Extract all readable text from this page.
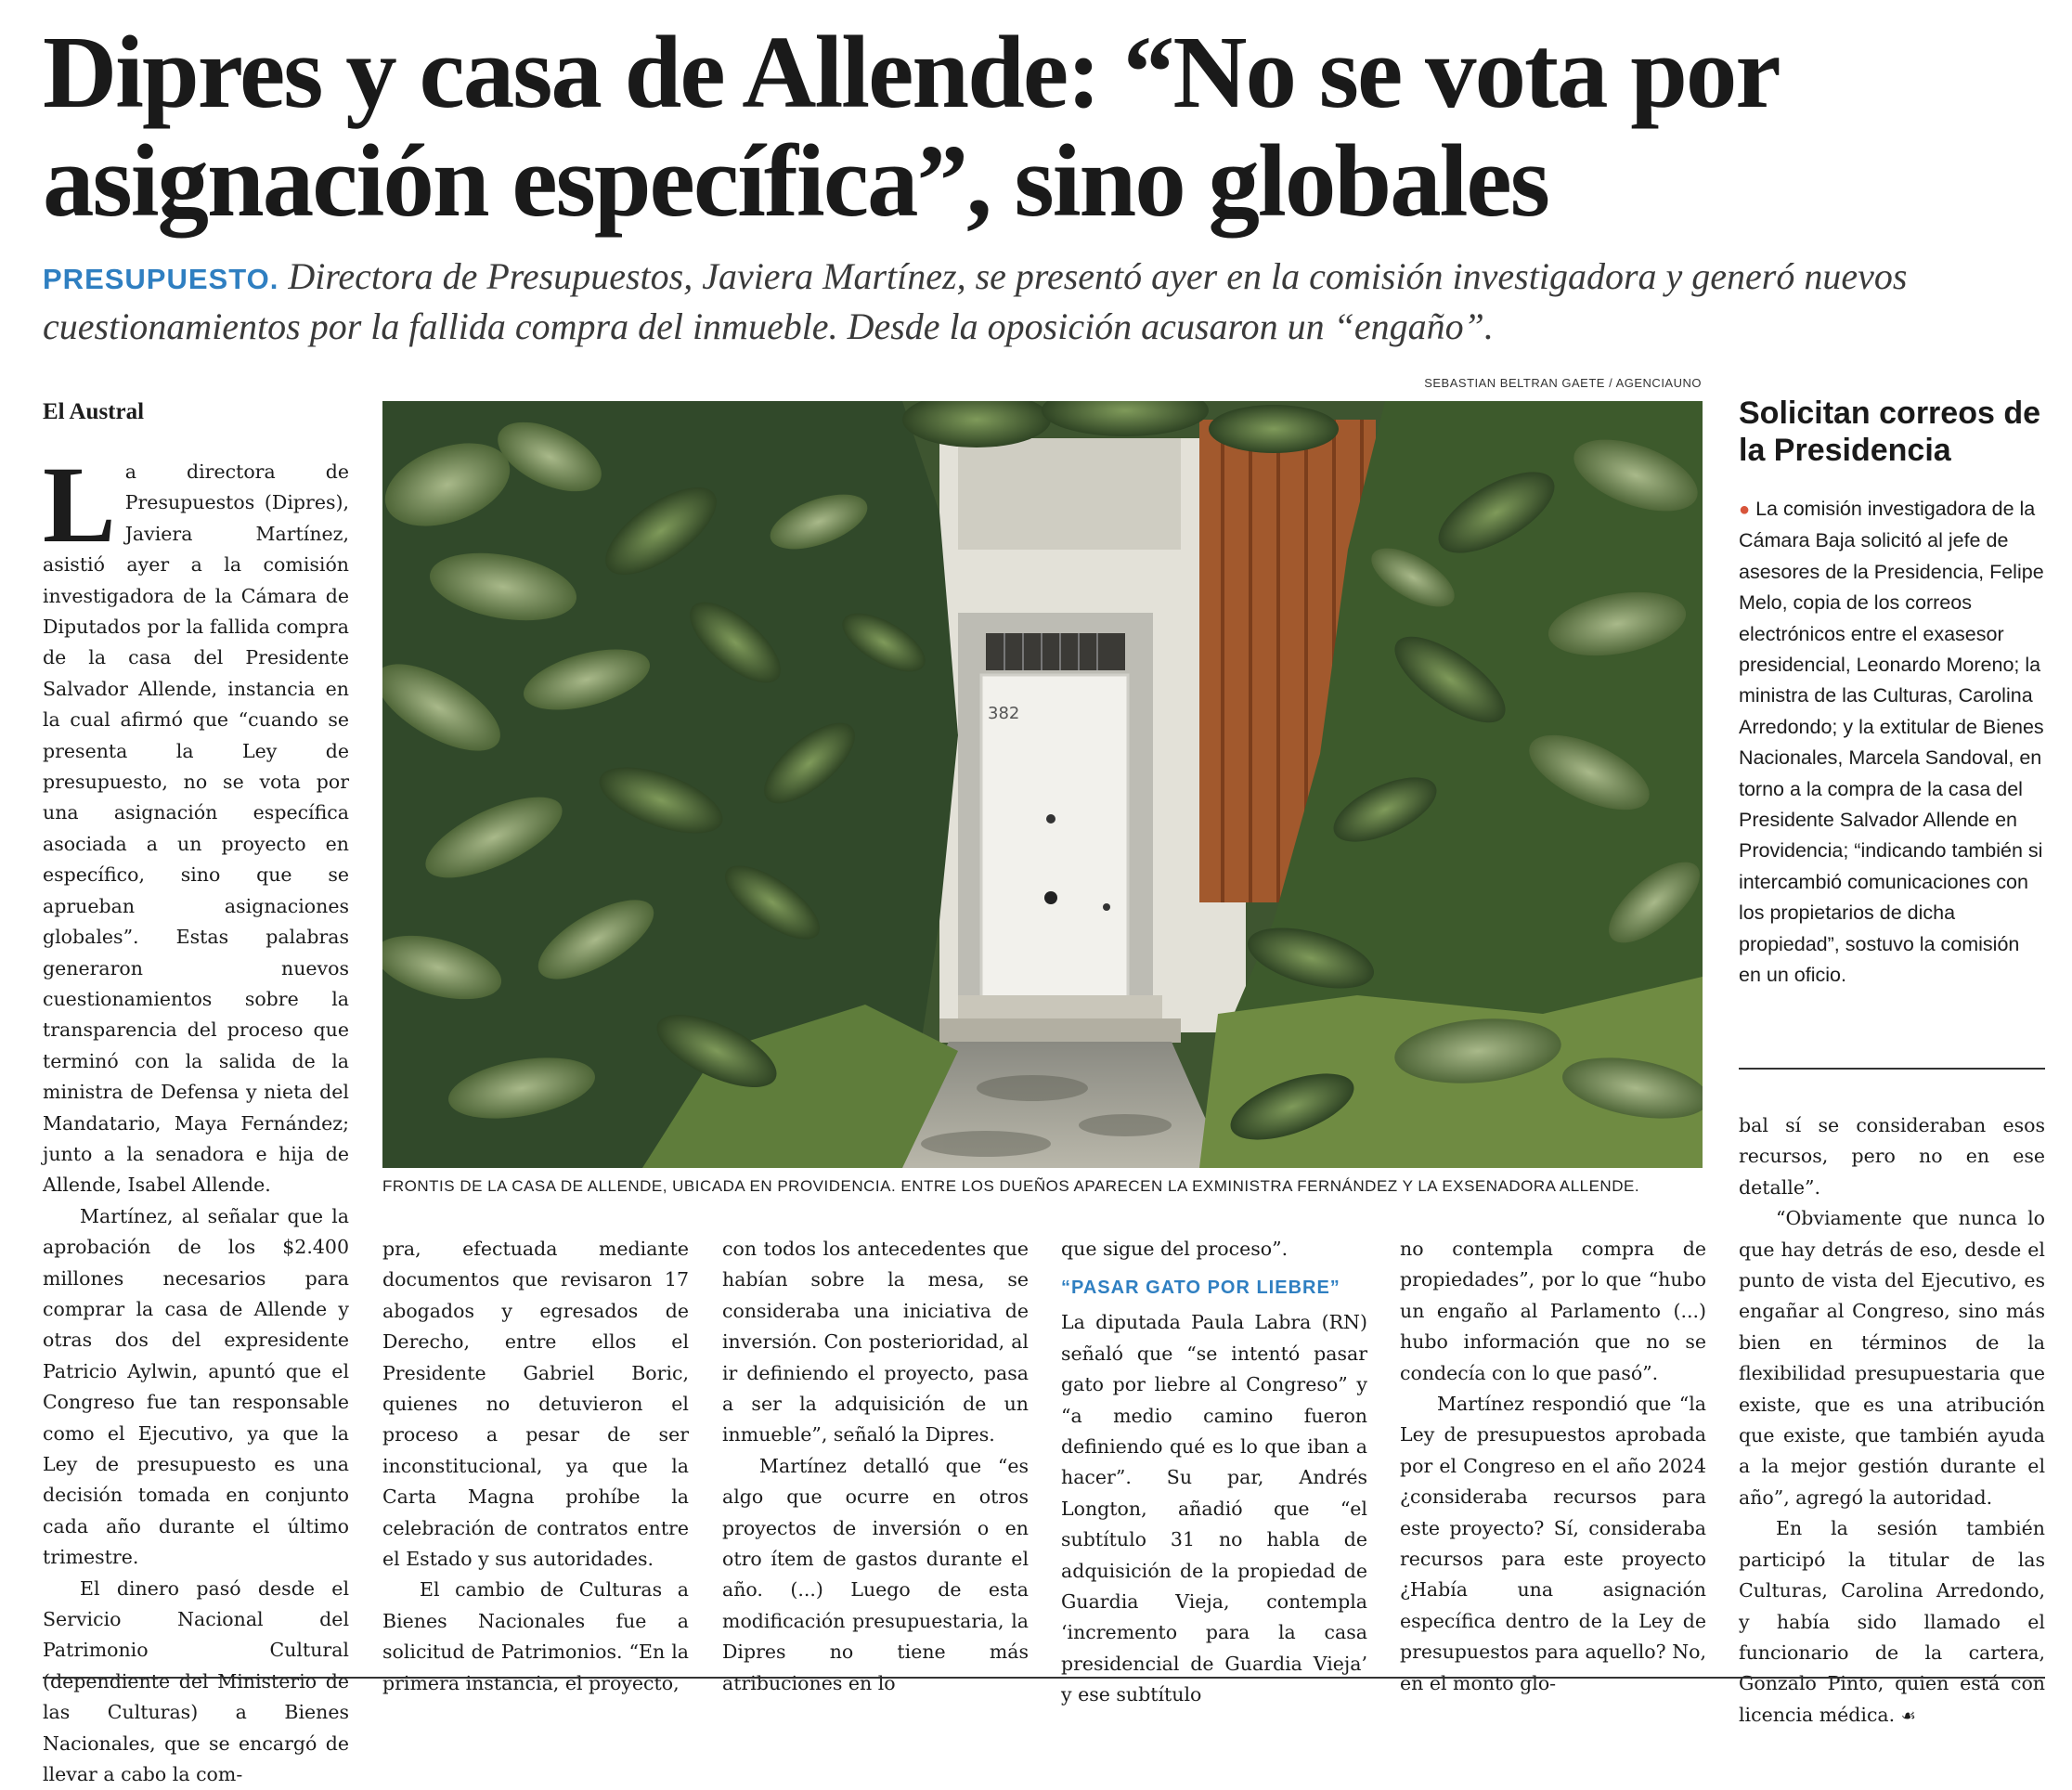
Dipres y casa de Allende: “No se vota por asignación específica”, sino globales

PRESUPUESTO. Directora de Presupuestos, Javiera Martínez, se presentó ayer en la comisión investigadora y generó nuevos cuestionamientos por la fallida compra del inmueble. Desde la oposición acusaron un “engaño”.

El Austral
SEBASTIAN BELTRAN GAETE / AGENCIAUNO
382
FRONTIS DE LA CASA DE ALLENDE, UBICADA EN PROVIDENCIA. ENTRE LOS DUEÑOS APARECEN LA EXMINISTRA FERNÁNDEZ Y LA EXSENADORA ALLENDE.

La directora de Presupuestos (Dipres), Javiera Martínez, asistió ayer a la comisión investigadora de la Cámara de Diputados por la fallida compra de la casa del Presidente Salvador Allende, instancia en la cual afirmó que “cuando se presenta la Ley de presupuesto, no se vota por una asignación específica asociada a un proyecto en específico, sino que se aprueban asignaciones globales”. Estas palabras generaron nuevos cuestionamientos sobre la transparencia del proceso que terminó con la salida de la ministra de Defensa y nieta del Mandatario, Maya Fernández; junto a la senadora e hija de Allende, Isabel Allende.

Martínez, al señalar que la aprobación de los $2.400 millones necesarios para comprar la casa de Allende y otras dos del expresidente Patricio Aylwin, apuntó que el Congreso fue tan responsable como el Ejecutivo, ya que la Ley de presupuesto es una decisión tomada en conjunto cada año durante el último trimestre.

El dinero pasó desde el Servicio Nacional del Patrimonio Cultural (dependiente del Ministerio de las Culturas) a Bienes Nacionales, que se encargó de llevar a cabo la com-

pra, efectuada mediante documentos que revisaron 17 abogados y egresados de Derecho, entre ellos el Presidente Gabriel Boric, quienes no detuvieron el proceso a pesar de ser inconstitucional, ya que la Carta Magna prohíbe la celebración de contratos entre el Estado y sus autoridades.

El cambio de Culturas a Bienes Nacionales fue a solicitud de Patrimonios. “En la primera instancia, el proyecto,

con todos los antecedentes que habían sobre la mesa, se consideraba una iniciativa de inversión. Con posterioridad, al ir definiendo el proyecto, pasa a ser la adquisición de un inmueble”, señaló la Dipres.

Martínez detalló que “es algo que ocurre en otros proyectos de inversión o en otro ítem de gastos durante el año. (...) Luego de esta modificación presupuestaria, la Dipres no tiene más atribuciones en lo

que sigue del proceso”.

“PASAR GATO POR LIEBRE”

La diputada Paula Labra (RN) señaló que “se intentó pasar gato por liebre al Congreso” y “a medio camino fueron definiendo qué es lo que iban a hacer”. Su par, Andrés Longton, añadió que “el subtítulo 31 no habla de adquisición de la propiedad de Guardia Vieja, contempla ‘incremento para la casa presidencial de Guardia Vieja’ y ese subtítulo

no contempla compra de propiedades”, por lo que “hubo un engaño al Parlamento (...) hubo información que no se condecía con lo que pasó”.

Martínez respondió que “la Ley de presupuestos aprobada por el Congreso en el año 2024 ¿consideraba recursos para este proyecto? Sí, consideraba recursos para este proyecto ¿Había una asignación específica dentro de la Ley de presupuestos para aquello? No, en el monto glo-

bal sí se consideraban esos recursos, pero no en ese detalle”.

“Obviamente que nunca lo que hay detrás de eso, desde el punto de vista del Ejecutivo, es engañar al Congreso, sino más bien en términos de la flexibilidad presupuestaria que existe, que es una atribución que existe, que también ayuda a la mejor gestión durante el año”, agregó la autoridad.

En la sesión también participó la titular de las Culturas, Carolina Arredondo, y había sido llamado el funcionario de la cartera, Gonzalo Pinto, quien está con licencia médica. ☙

Solicitan correos de la Presidencia

● La comisión investigadora de la Cámara Baja solicitó al jefe de asesores de la Presidencia, Felipe Melo, copia de los correos electrónicos entre el exasesor presidencial, Leonardo Moreno; la ministra de las Culturas, Carolina Arredondo; y la extitular de Bienes Nacionales, Marcela Sandoval, en torno a la compra de la casa del Presidente Salvador Allende en Providencia; “indicando también si intercambió comunicaciones con los propietarios de dicha propiedad”, sostuvo la comisión en un oficio.
